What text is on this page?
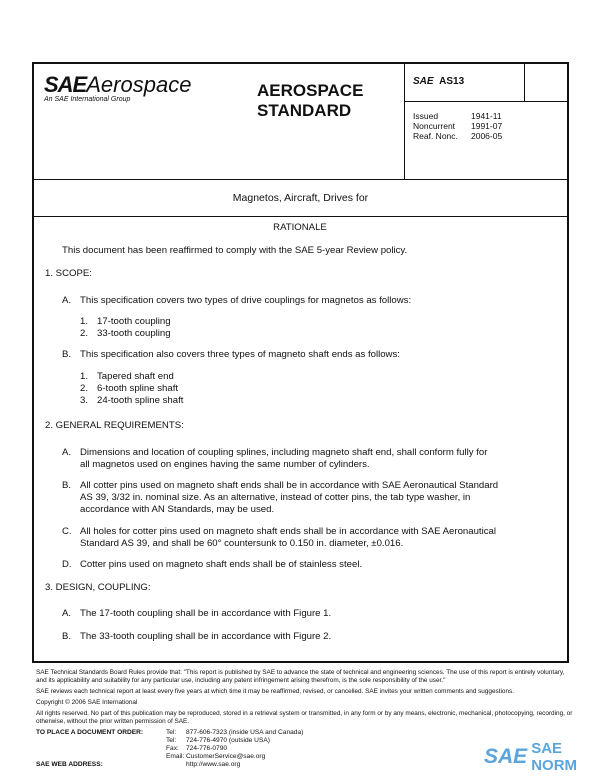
SAEAerospace
An SAE International Group	AEROSPACE
STANDARD
SAE AS13
Issued	1941-11
Noncurrent	1991-07
Reaf. Nonc.	2006-05
Magnetos, Aircraft, Drives for
RATIONALE
This document has been reaffirmed to comply with the SAE 5-year Review policy.
1. SCOPE:
A. This specification covers two types of drive couplings for magnetos as follows:
1. 17-tooth coupling
2. 33-tooth coupling
B. This specification also covers three types of magneto shaft ends as follows:
1. Tapered shaft end
2. 6-tooth spline shaft
3. 24-tooth spline shaft
2. GENERAL REQUIREMENTS:
A. Dimensions and location of coupling splines, including magneto shaft end, shall conform fully for
all magnetos used on engines having the same number of cylinders.
B. All cotter pins used on magneto shaft ends shall be in accordance with SAE Aeronautical Standard
AS 39, 3/32 in. nominal size. As an alternative, instead of cotter pins, the tab type washer, in
accordance with AN Standards, may be used.
C. All holes for cotter pins used on magneto shaft ends shall be in accordance with SAE Aeronautical
Standard AS 39, and shall be 60° countersunk to 0.150 in. diameter, ±0.016.
D. Cotter pins used on magneto shaft ends shall be of stainless steel.
3. DESIGN, COUPLING:
A. The 17-tooth coupling shall be in accordance with Figure 1.
B. The 33-tooth coupling shall be in accordance with Figure 2.

SAE Technical Standards Board Rules provide that: "This report is published by SAE to advance the state of technical and engineering sciences. The use of this report is entirely voluntary, and its applicability and suitability for any particular use, including any patent infringement arising therefrom, is the sole responsibility of the user."

SAE reviews each technical report at least every five years at which time it may be reaffirmed, revised, or cancelled. SAE invites your written comments and suggestions.

Copyright © 2006 SAE International

All rights reserved. No part of this publication may be reproduced, stored in a retrieval system or transmitted, in any form or by any means, electronic, mechanical, photocopying, recording, or otherwise, without the prior written permission of SAE.

TO PLACE A DOCUMENT ORDER:	Tel:	877-606-7323 (inside USA and Canada)
Tel:	724-776-4970 (outside USA)
Fax:	724-776-0790
Email: CustomerService@sae.org
SAE WEB ADDRESS:	http://www.sae.org	SAE SAE NORM
